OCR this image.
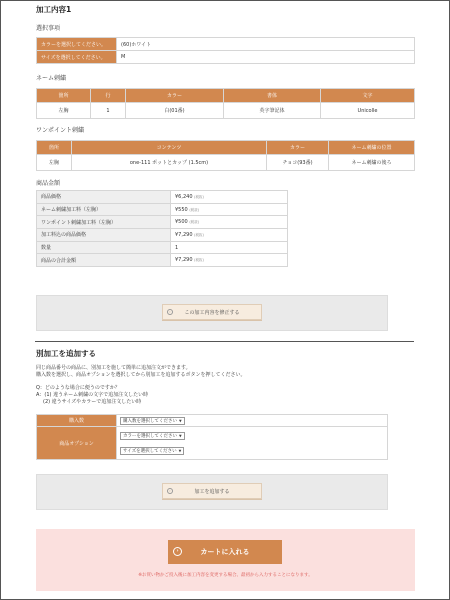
加工内容1
選択事項
カラーを選択してください。	(60)ホワイト
サイズを選択してください。	M
ネーム刺繍
箇所	行	カラー	書体	文字
左胸	1	白(01番)	英字筆記体	Unicolle
ワンポイント刺繍
箇所	コンテンツ	カラー	ネーム刺繍の位置
左胸	one-111 ポットとカップ (1.5cm)	チョコ(93番)	ネーム刺繍の後ろ
商品金額
商品価格	¥6,240 (税抜)
ネーム刺繍加工料（左胸）	¥550 (税抜)
ワンポイント刺繍加工料（左胸）	¥500 (税抜)
加工料込の商品価格	¥7,290 (税抜)
数量	1
商品の合計金額	¥7,290 (税抜)
›	この加工内容を修正する
別加工を追加する

同じ商品番号の商品に、別加工を施して簡単に追加注文ができます。

購入数を選択し、商品オプションを選択してから別加工を追加するボタンを押してください。

Q：どのような場合に便うのですか？

A：(1) 違うネーム刺繍の文字で追加注文したい時

(2) 違うサイズやカラーで追加注文したい時

購入数	購入数を選択してください ▼

商品オプション	カラーを選択してください ▼
サイズを選択してください ▼
›	加工を追加する
›	カートに入れる
※お買い物かご投入後に加工内容を変更する場合、最初から入力することになります。
